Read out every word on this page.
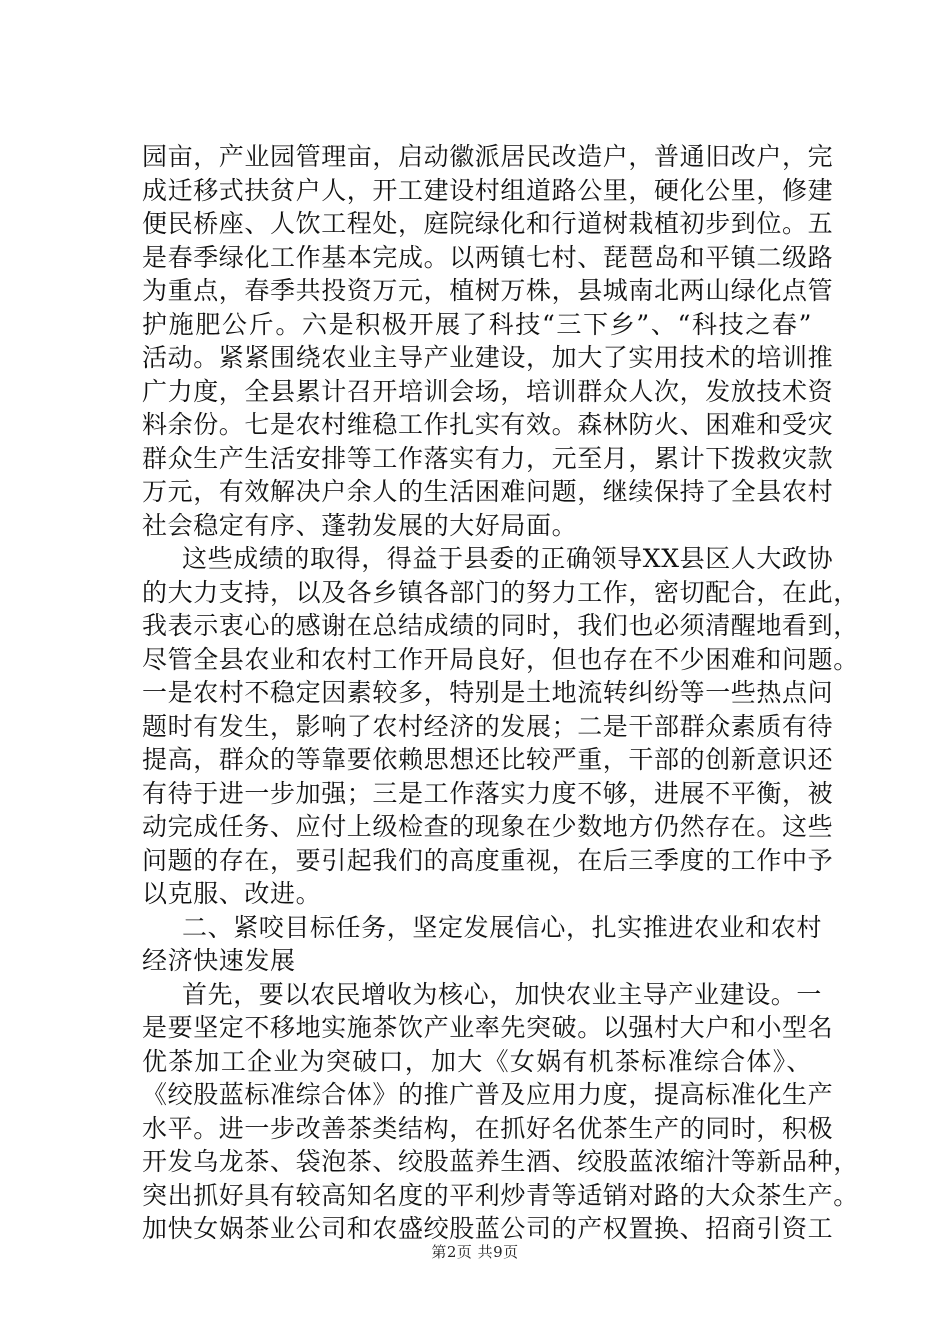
园亩，产业园管理亩，启动徽派居民改造户，普通旧改户，完
成迁移式扶贫户人，开工建设村组道路公里，硬化公里，修建
便民桥座、人饮工程处，庭院绿化和行道树栽植初步到位。五
是春季绿化工作基本完成。以两镇七村、琵琶岛和平镇二级路
为重点，春季共投资万元，植树万株，县城南北两山绿化点管
护施肥公斤。六是积极开展了科技“三下乡”、“科技之春”
活动。紧紧围绕农业主导产业建设，加大了实用技术的培训推
广力度，全县累计召开培训会场，培训群众人次，发放技术资
料余份。七是农村维稳工作扎实有效。森林防火、困难和受灾
群众生产生活安排等工作落实有力，元至月，累计下拨救灾款
万元，有效解决户余人的生活困难问题，继续保持了全县农村
社会稳定有序、蓬勃发展的大好局面。
这些成绩的取得，得益于县委的正确领导XX县区人大政协
的大力支持，以及各乡镇各部门的努力工作，密切配合，在此，
我表示衷心的感谢在总结成绩的同时，我们也必须清醒地看到，
尽管全县农业和农村工作开局良好，但也存在不少困难和问题。
一是农村不稳定因素较多，特别是土地流转纠纷等一些热点问
题时有发生，影响了农村经济的发展；二是干部群众素质有待
提高，群众的等靠要依赖思想还比较严重，干部的创新意识还
有待于进一步加强；三是工作落实力度不够，进展不平衡，被
动完成任务、应付上级检查的现象在少数地方仍然存在。这些
问题的存在，要引起我们的高度重视，在后三季度的工作中予
以克服、改进。
二、紧咬目标任务，坚定发展信心，扎实推进农业和农村
经济快速发展
首先，要以农民增收为核心，加快农业主导产业建设。一
是要坚定不移地实施茶饮产业率先突破。以强村大户和小型名
优茶加工企业为突破口，加大《女娲有机茶标准综合体》、
《绞股蓝标准综合体》的推广普及应用力度，提高标准化生产
水平。进一步改善茶类结构，在抓好名优茶生产的同时，积极
开发乌龙茶、袋泡茶、绞股蓝养生酒、绞股蓝浓缩汁等新品种，
突出抓好具有较高知名度的平利炒青等适销对路的大众茶生产。
加快女娲茶业公司和农盛绞股蓝公司的产权置换、招商引资工
第2页 共9页
